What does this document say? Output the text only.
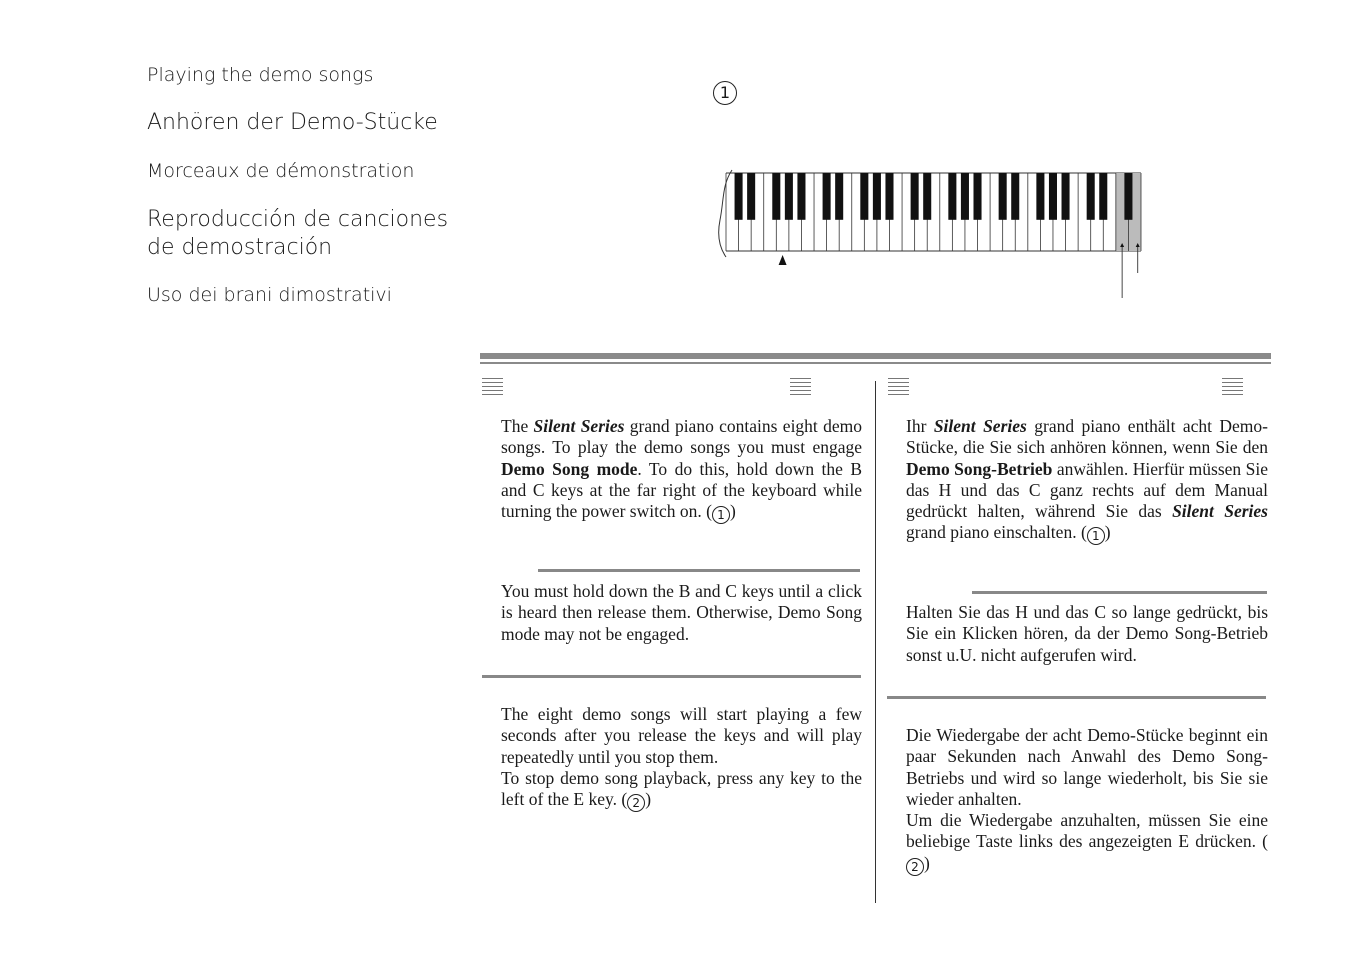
Playing the demo songs
Anhören der Demo-Stücke
Morceaux de démonstration
Reproducción de canciones
de demostración
Uso dei brani dimostrativi
1
The Silent Series grand piano contains eight demo songs. To play the demo songs you must engage Demo Song mode. To do this, hold down the B and C keys at the far right of the keyboard while turning the power switch on. ( 1 )
You must hold down the B and C keys until a click is heard then release them. Otherwise, Demo Song mode may not be engaged.
The eight demo songs will start playing a few seconds after you release the keys and will play repeatedly until you stop them.
To stop demo song playback, press any key to the left of the E key. ( 2 )
Ihr Silent Series grand piano enthält acht Demo-Stücke, die Sie sich anhören können, wenn Sie den Demo Song-Betrieb anwählen. Hierfür müssen Sie das H und das C ganz rechts auf dem Manual gedrückt halten, während Sie das Silent Series grand piano einschalten. ( 1 )
Halten Sie das H und das C so lange gedrückt, bis Sie ein Klicken hören, da der Demo Song-Betrieb sonst u.U. nicht aufgerufen wird.
Die Wiedergabe der acht Demo-Stücke beginnt ein paar Sekunden nach Anwahl des Demo Song-Betriebs und wird so lange wiederholt, bis Sie sie wieder anhalten.
Um die Wiedergabe anzuhalten, müssen Sie eine beliebige Taste links des angezeigten E drücken. (2 )
